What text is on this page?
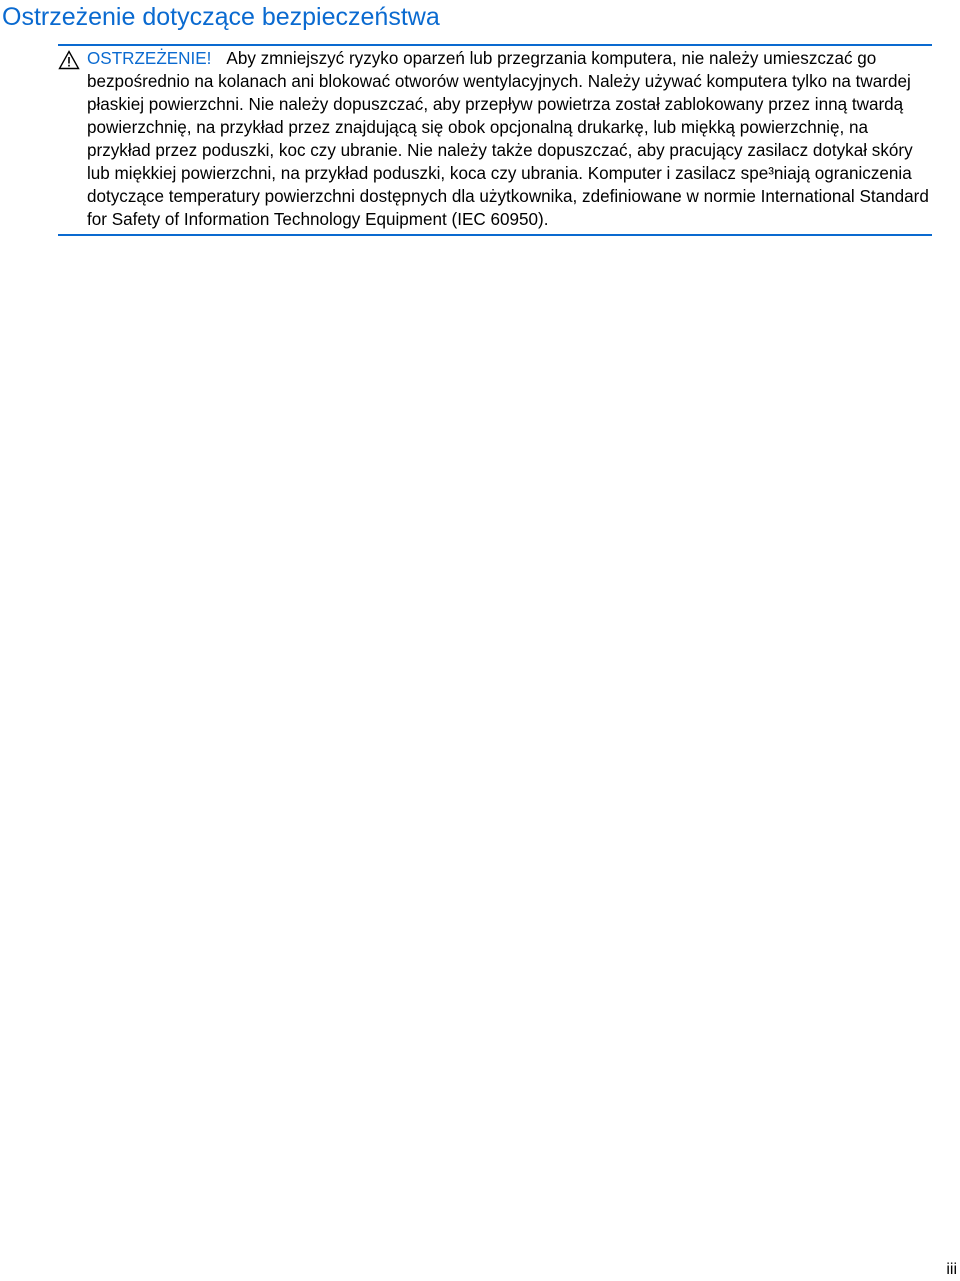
Ostrzeżenie dotyczące bezpieczeństwa
OSTRZEŻENIE! Aby zmniejszyć ryzyko oparzeń lub przegrzania komputera, nie należy umieszczać go bezpośrednio na kolanach ani blokować otworów wentylacyjnych. Należy używać komputera tylko na twardej płaskiej powierzchni. Nie należy dopuszczać, aby przepływ powietrza został zablokowany przez inną twardą powierzchnię, na przykład przez znajdującą się obok opcjonalną drukarkę, lub miękką powierzchnię, na przykład przez poduszki, koc czy ubranie. Nie należy także dopuszczać, aby pracujący zasilacz dotykał skóry lub miękkiej powierzchni, na przykład poduszki, koca czy ubrania. Komputer i zasilacz spe³niają ograniczenia dotyczące temperatury powierzchni dostępnych dla użytkownika, zdefiniowane w normie International Standard for Safety of Information Technology Equipment (IEC 60950).
iii
